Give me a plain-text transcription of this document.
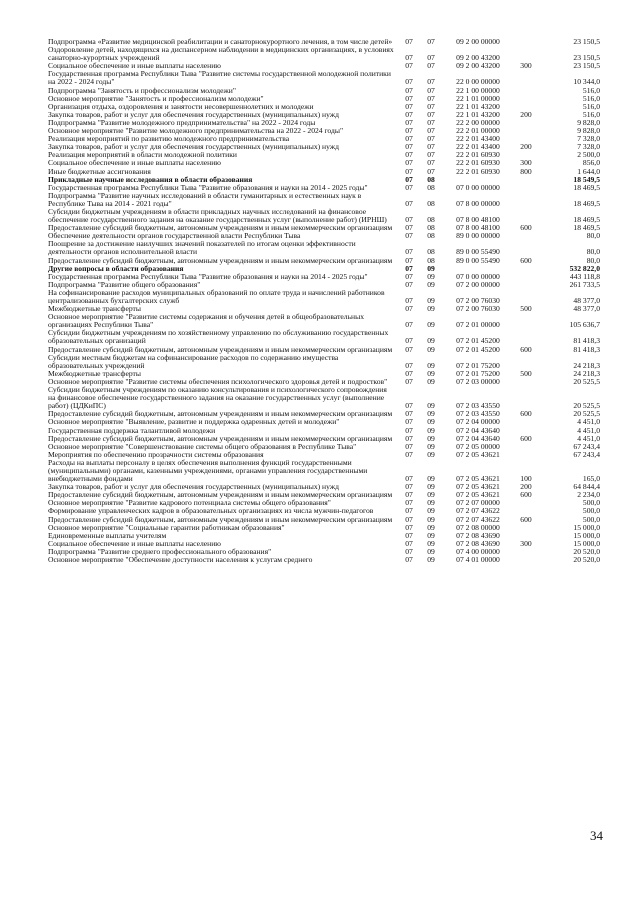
Подпрограмма «Развитие медицинской реабилитации и санаторнокурортного лечения, в том числе детей»	07	07	09 2 00 00000	23 150,5
Оздоровление детей, находящихся на диспансерном наблюдении в медицинских организациях, в условиях санаторно-курортных учреждений	07	07	09 2 00 43200	23 150,5
Социальное обеспечение и иные выплаты населению	07	07	09 2 00 43200	300	23 150,5
Государственная программа Республики Тыва "Развитие системы государственной молодежной политики на 2022 - 2024 годы"	07	07	22 0 00 00000	10 344,0
Подпрограмма "Занятость и профессионализм молодежи"	07	07	22 1 00 00000	516,0
Основное мероприятие "Занятость и профессионализм молодежи"	07	07	22 1 01 00000	516,0
Организация отдыха, оздоровления и занятости несовершеннолетних и молодежи	07	07	22 1 01 43200	516,0
Закупка товаров, работ и услуг для обеспечения государственных (муниципальных) нужд	07	07	22 1 01 43200	200	516,0
Подпрограмма "Развитие молодежного предпринимательства" на 2022 - 2024 годы	07	07	22 2 00 00000	9 828,0
Основное мероприятие "Развитие молодежного предпринимательства на 2022 - 2024 годы"	07	07	22 2 01 00000	9 828,0
Реализация мероприятий по развитию молодежного предпринимательства	07	07	22 2 01 43400	7 328,0
Закупка товаров, работ и услуг для обеспечения государственных (муниципальных) нужд	07	07	22 2 01 43400	200	7 328,0
Реализация мероприятий в области молодежной политики	07	07	22 2 01 60930	2 500,0
Социальное обеспечение и иные выплаты населению	07	07	22 2 01 60930	300	856,0
Иные бюджетные ассигнования	07	07	22 2 01 60930	800	1 644,0
Прикладные научные исследования в области образования	07	08	18 549,5
Государственная программа Республики Тыва "Развитие образования и науки на 2014 - 2025 годы"	07	08	07 0 00 00000	18 469,5
Подпрограмма "Развитие научных исследований в области гуманитарных и естественных наук в Республике Тыва на 2014 - 2021 годы"	07	08	07 8 00 00000	18 469,5
Субсидии бюджетным учреждениям в области прикладных научных исследований на финансовое обеспечение государственного задания на оказание государственных услуг (выполнение работ) (ИРНШ)	07	08	07 8 00 48100	18 469,5
Предоставление субсидий бюджетным, автономным учреждениям и иным некоммерческим организациям	07	08	07 8 00 48100	600	18 469,5
Обеспечение деятельности органов государственной власти Республики Тыва	07	08	89 0 00 00000	80,0
Поощрение за достижение наилучших значений показателей по итогам оценки эффективности деятельности органов исполнительной власти	07	08	89 0 00 55490	80,0
Предоставление субсидий бюджетным, автономным учреждениям и иным некоммерческим организациям	07	08	89 0 00 55490	600	80,0
Другие вопросы в области образования	07	09	532 822,0
Государственная программа Республики Тыва "Развитие образования и науки на 2014 - 2025 годы"	07	09	07 0 00 00000	443 118,8
Подпрограмма "Развитие общего образования"	07	09	07 2 00 00000	261 733,5
На софинансирование расходов муниципальных образований по оплате труда и начислений работников централизованных бухгалтерских служб	07	09	07 2 00 76030	48 377,0
Межбюджетные трансферты	07	09	07 2 00 76030	500	48 377,0
Основное мероприятие "Развитие системы содержания и обучения детей в общеобразовательных организациях Республики Тыва"	07	09	07 2 01 00000	105 636,7
Субсидии бюджетным учреждениям по хозяйственному управлению по обслуживанию государственных образовательных организаций	07	09	07 2 01 45200	81 418,3
Предоставление субсидий бюджетным, автономным учреждениям и иным некоммерческим организациям	07	09	07 2 01 45200	600	81 418,3
Субсидии местным бюджетам на софинансирование расходов по содержанию имущества образовательных учреждений	07	09	07 2 01 75200	24 218,3
Межбюджетные трансферты	07	09	07 2 01 75200	500	24 218,3
Основное мероприятие "Развитие системы обеспечения психологического здоровья детей и подростков"	07	09	07 2 03 00000	20 525,5
Субсидии бюджетным учреждениям по оказанию консультирования и психологического сопровождения на финансовое обеспечение государственного задания на оказание государственных услуг (выполнение работ) (ЦДКиПС)	07	09	07 2 03 43550	20 525,5
Предоставление субсидий бюджетным, автономным учреждениям и иным некоммерческим организациям	07	09	07 2 03 43550	600	20 525,5
Основное мероприятие "Выявление, развитие и поддержка одаренных детей и молодежи"	07	09	07 2 04 00000	4 451,0
Государственная поддержка талантливой молодежи	07	09	07 2 04 43640	4 451,0
Предоставление субсидий бюджетным, автономным учреждениям и иным некоммерческим организациям	07	09	07 2 04 43640	600	4 451,0
Основное мероприятие "Совершенствование системы общего образования в Республике Тыва"	07	09	07 2 05 00000	67 243,4
Мероприятия по обеспечению прозрачности системы образования	07	09	07 2 05 43621	67 243,4
Расходы на выплаты персоналу в целях обеспечения выполнения функций государственными (муниципальными) органами, казенными учреждениями, органами управления государственными внебюджетными фондами	07	09	07 2 05 43621	100	165,0
Закупка товаров, работ и услуг для обеспечения государственных (муниципальных) нужд	07	09	07 2 05 43621	200	64 844,4
Предоставление субсидий бюджетным, автономным учреждениям и иным некоммерческим организациям	07	09	07 2 05 43621	600	2 234,0
Основное мероприятие "Развитие кадрового потенциала системы общего образования"	07	09	07 2 07 00000	500,0
Формирование управленческих кадров в образовательных организациях из числа мужчин-педагогов	07	09	07 2 07 43622	500,0
Предоставление субсидий бюджетным, автономным учреждениям и иным некоммерческим организациям	07	09	07 2 07 43622	600	500,0
Основное мероприятие "Социальные гарантии работникам образования"	07	09	07 2 08 00000	15 000,0
Единовременные выплаты учителям	07	09	07 2 08 43690	15 000,0
Социальное обеспечение и иные выплаты населению	07	09	07 2 08 43690	300	15 000,0
Подпрограмма "Развитие среднего профессионального образования"	07	09	07 4 00 00000	20 520,0
Основное мероприятие "Обеспечение доступности населения к услугам среднего	07	09	07 4 01 00000	20 520,0
34
